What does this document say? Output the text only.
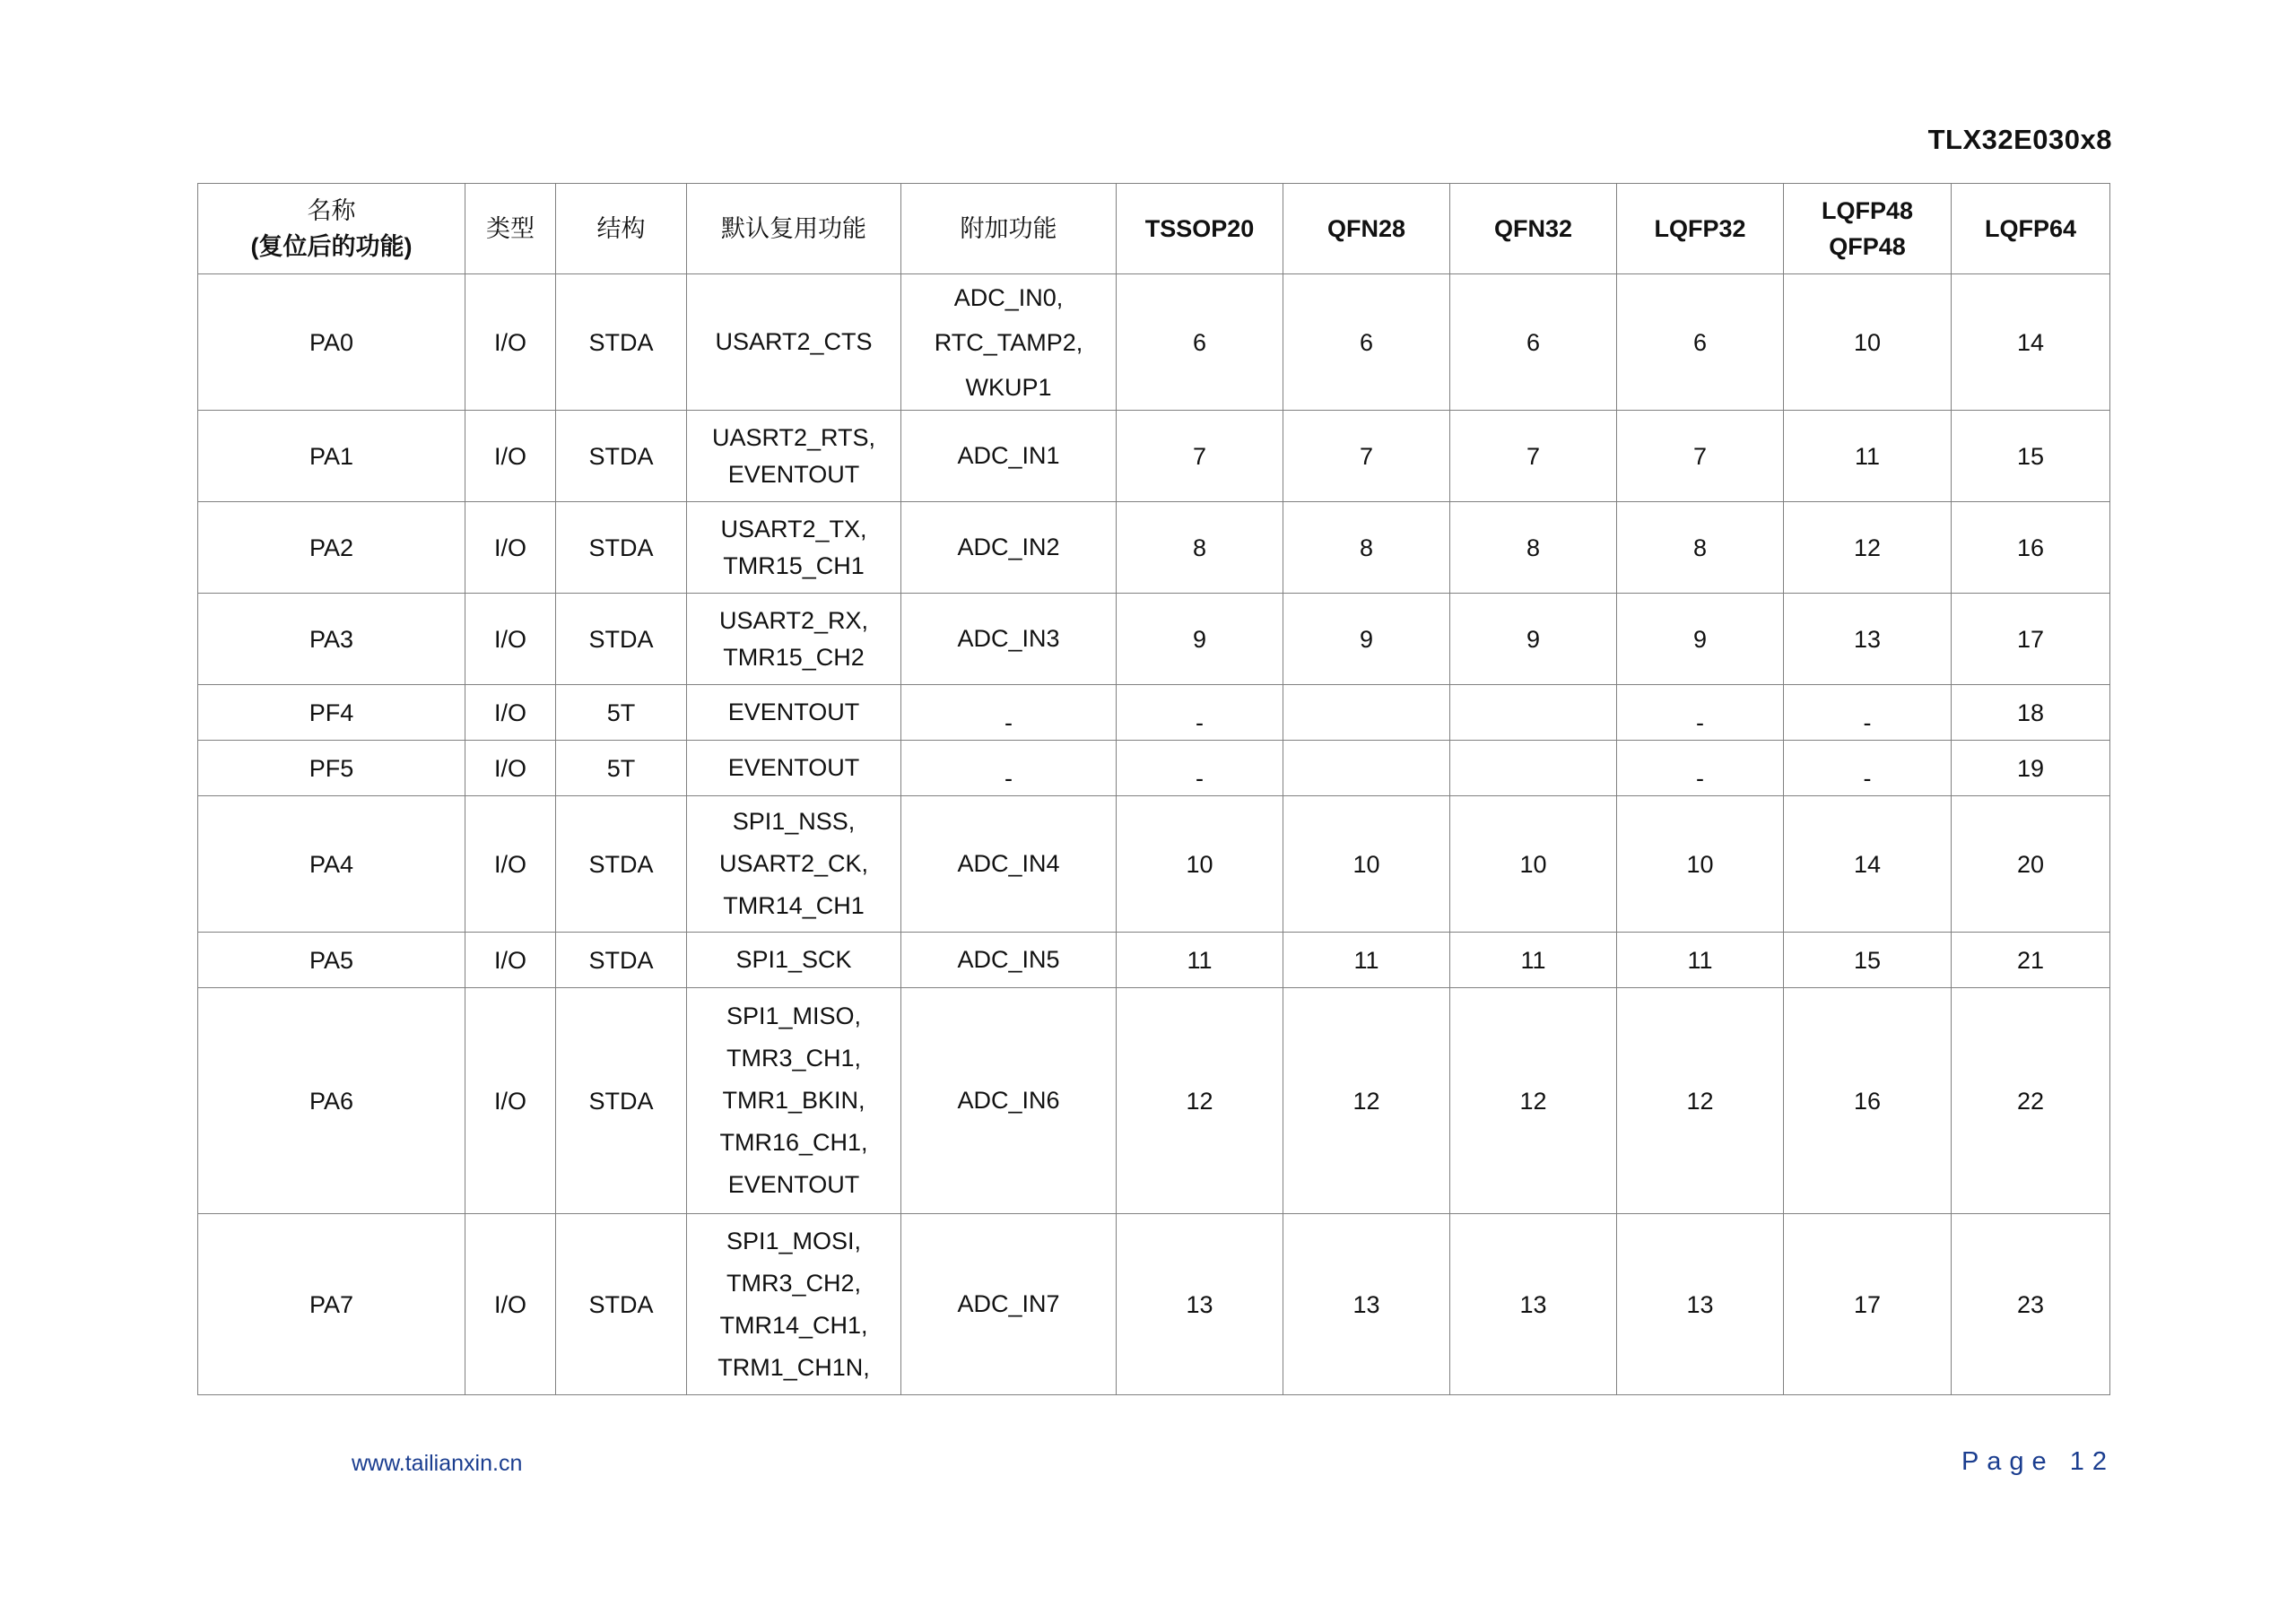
TLX32E030x8
名称
(复位后的功能)	类型	结构	默认复用功能	附加功能	TSSOP20	QFN28	QFN32	LQFP32	LQFP48
QFP48	LQFP64
PA0	I/O	STDA	USART2_CTS	ADC_IN0,
RTC_TAMP2,
WKUP1	6	6	6	6	10	14
PA1	I/O	STDA	UASRT2_RTS,
EVENTOUT	ADC_IN1	7	7	7	7	11	15
PA2	I/O	STDA	USART2_TX,
TMR15_CH1	ADC_IN2	8	8	8	8	12	16
PA3	I/O	STDA	USART2_RX,
TMR15_CH2	ADC_IN3	9	9	9	9	13	17
PF4	I/O	5T	EVENTOUT	-	-			-	-	18
PF5	I/O	5T	EVENTOUT	-	-			-	-	19
PA4	I/O	STDA	SPI1_NSS,
USART2_CK,
TMR14_CH1	ADC_IN4	10	10	10	10	14	20
PA5	I/O	STDA	SPI1_SCK	ADC_IN5	11	11	11	11	15	21
PA6	I/O	STDA	SPI1_MISO,
TMR3_CH1,
TMR1_BKIN,
TMR16_CH1,
EVENTOUT	ADC_IN6	12	12	12	12	16	22
PA7	I/O	STDA	SPI1_MOSI,
TMR3_CH2,
TMR14_CH1,
TRM1_CH1N,	ADC_IN7	13	13	13	13	17	23
www.tailianxin.cn	Page 12
